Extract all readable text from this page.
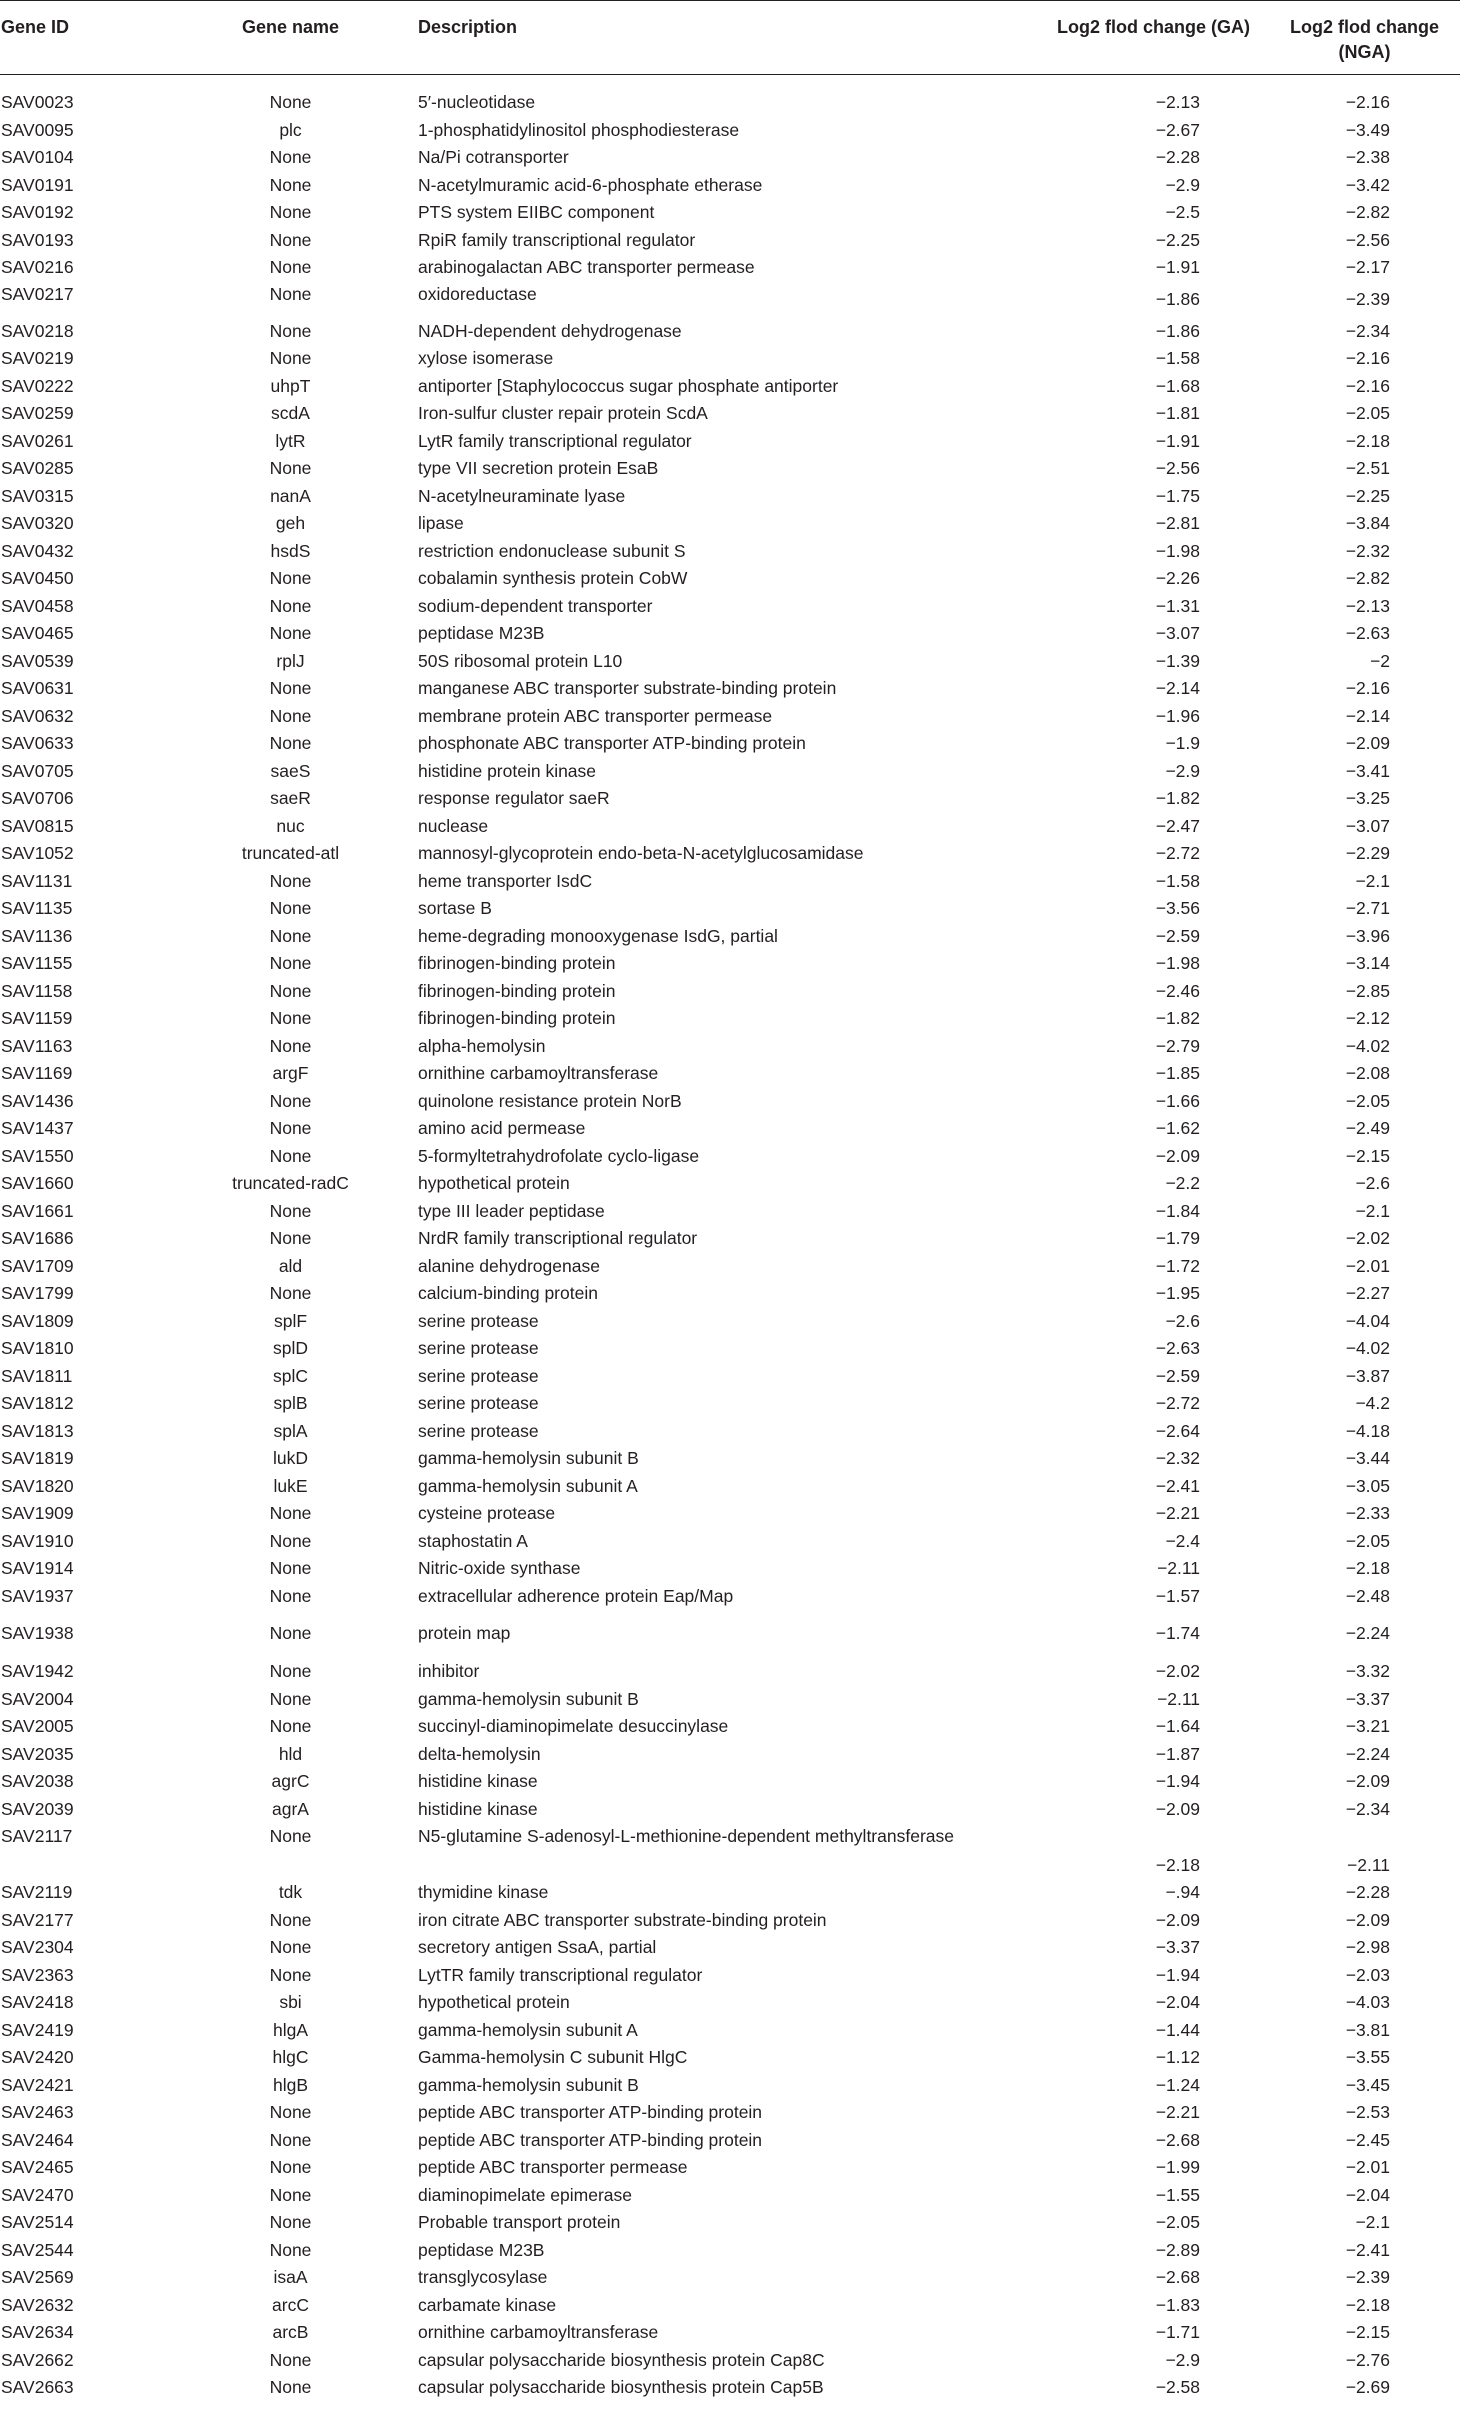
Gene ID	Gene name	Description	Log2 flod change (GA)	Log2 flod change (NGA)
SAV0023	None	5′-nucleotidase	−2.13	−2.16
SAV0095	plc	1-phosphatidylinositol phosphodiesterase	−2.67	−3.49
SAV0104	None	Na/Pi cotransporter	−2.28	−2.38
SAV0191	None	N-acetylmuramic acid-6-phosphate etherase	−2.9	−3.42
SAV0192	None	PTS system EIIBC component	−2.5	−2.82
SAV0193	None	RpiR family transcriptional regulator	−2.25	−2.56
SAV0216	None	arabinogalactan ABC transporter permease	−1.91	−2.17
SAV0217	None	oxidoreductase	−1.86	−2.39
SAV0218	None	NADH-dependent dehydrogenase	−1.86	−2.34
SAV0219	None	xylose isomerase	−1.58	−2.16
SAV0222	uhpT	antiporter [Staphylococcus sugar phosphate antiporter	−1.68	−2.16
SAV0259	scdA	Iron-sulfur cluster repair protein ScdA	−1.81	−2.05
SAV0261	lytR	LytR family transcriptional regulator	−1.91	−2.18
SAV0285	None	type VII secretion protein EsaB	−2.56	−2.51
SAV0315	nanA	N-acetylneuraminate lyase	−1.75	−2.25
SAV0320	geh	lipase	−2.81	−3.84
SAV0432	hsdS	restriction endonuclease subunit S	−1.98	−2.32
SAV0450	None	cobalamin synthesis protein CobW	−2.26	−2.82
SAV0458	None	sodium-dependent transporter	−1.31	−2.13
SAV0465	None	peptidase M23B	−3.07	−2.63
SAV0539	rplJ	50S ribosomal protein L10	−1.39	−2
SAV0631	None	manganese ABC transporter substrate-binding protein	−2.14	−2.16
SAV0632	None	membrane protein ABC transporter permease	−1.96	−2.14
SAV0633	None	phosphonate ABC transporter ATP-binding protein	−1.9	−2.09
SAV0705	saeS	histidine protein kinase	−2.9	−3.41
SAV0706	saeR	response regulator saeR	−1.82	−3.25
SAV0815	nuc	nuclease	−2.47	−3.07
SAV1052	truncated-atl	mannosyl-glycoprotein endo-beta-N-acetylglucosamidase	−2.72	−2.29
SAV1131	None	heme transporter IsdC	−1.58	−2.1
SAV1135	None	sortase B	−3.56	−2.71
SAV1136	None	heme-degrading monooxygenase IsdG, partial	−2.59	−3.96
SAV1155	None	fibrinogen-binding protein	−1.98	−3.14
SAV1158	None	fibrinogen-binding protein	−2.46	−2.85
SAV1159	None	fibrinogen-binding protein	−1.82	−2.12
SAV1163	None	alpha-hemolysin	−2.79	−4.02
SAV1169	argF	ornithine carbamoyltransferase	−1.85	−2.08
SAV1436	None	quinolone resistance protein NorB	−1.66	−2.05
SAV1437	None	amino acid permease	−1.62	−2.49
SAV1550	None	5-formyltetrahydrofolate cyclo-ligase	−2.09	−2.15
SAV1660	truncated-radC	hypothetical protein	−2.2	−2.6
SAV1661	None	type III leader peptidase	−1.84	−2.1
SAV1686	None	NrdR family transcriptional regulator	−1.79	−2.02
SAV1709	ald	alanine dehydrogenase	−1.72	−2.01
SAV1799	None	calcium-binding protein	−1.95	−2.27
SAV1809	splF	serine protease	−2.6	−4.04
SAV1810	splD	serine protease	−2.63	−4.02
SAV1811	splC	serine protease	−2.59	−3.87
SAV1812	splB	serine protease	−2.72	−4.2
SAV1813	splA	serine protease	−2.64	−4.18
SAV1819	lukD	gamma-hemolysin subunit B	−2.32	−3.44
SAV1820	lukE	gamma-hemolysin subunit A	−2.41	−3.05
SAV1909	None	cysteine protease	−2.21	−2.33
SAV1910	None	staphostatin A	−2.4	−2.05
SAV1914	None	Nitric-oxide synthase	−2.11	−2.18
SAV1937	None	extracellular adherence protein Eap/Map	−1.57	−2.48
SAV1938	None	protein map	−1.74	−2.24
SAV1942	None	inhibitor	−2.02	−3.32
SAV2004	None	gamma-hemolysin subunit B	−2.11	−3.37
SAV2005	None	succinyl-diaminopimelate desuccinylase	−1.64	−3.21
SAV2035	hld	delta-hemolysin	−1.87	−2.24
SAV2038	agrC	histidine kinase	−1.94	−2.09
SAV2039	agrA	histidine kinase	−2.09	−2.34
SAV2117	None	N5-glutamine S-adenosyl-L-methionine-dependent methyltransferase	−2.18	−2.11
SAV2119	tdk	thymidine kinase	−.94	−2.28
SAV2177	None	iron citrate ABC transporter substrate-binding protein	−2.09	−2.09
SAV2304	None	secretory antigen SsaA, partial	−3.37	−2.98
SAV2363	None	LytTR family transcriptional regulator	−1.94	−2.03
SAV2418	sbi	hypothetical protein	−2.04	−4.03
SAV2419	hlgA	gamma-hemolysin subunit A	−1.44	−3.81
SAV2420	hlgC	Gamma-hemolysin C subunit HlgC	−1.12	−3.55
SAV2421	hlgB	gamma-hemolysin subunit B	−1.24	−3.45
SAV2463	None	peptide ABC transporter ATP-binding protein	−2.21	−2.53
SAV2464	None	peptide ABC transporter ATP-binding protein	−2.68	−2.45
SAV2465	None	peptide ABC transporter permease	−1.99	−2.01
SAV2470	None	diaminopimelate epimerase	−1.55	−2.04
SAV2514	None	Probable transport protein	−2.05	−2.1
SAV2544	None	peptidase M23B	−2.89	−2.41
SAV2569	isaA	transglycosylase	−2.68	−2.39
SAV2632	arcC	carbamate kinase	−1.83	−2.18
SAV2634	arcB	ornithine carbamoyltransferase	−1.71	−2.15
SAV2662	None	capsular polysaccharide biosynthesis protein Cap8C	−2.9	−2.76
SAV2663	None	capsular polysaccharide biosynthesis protein Cap5B	−2.58	−2.69
